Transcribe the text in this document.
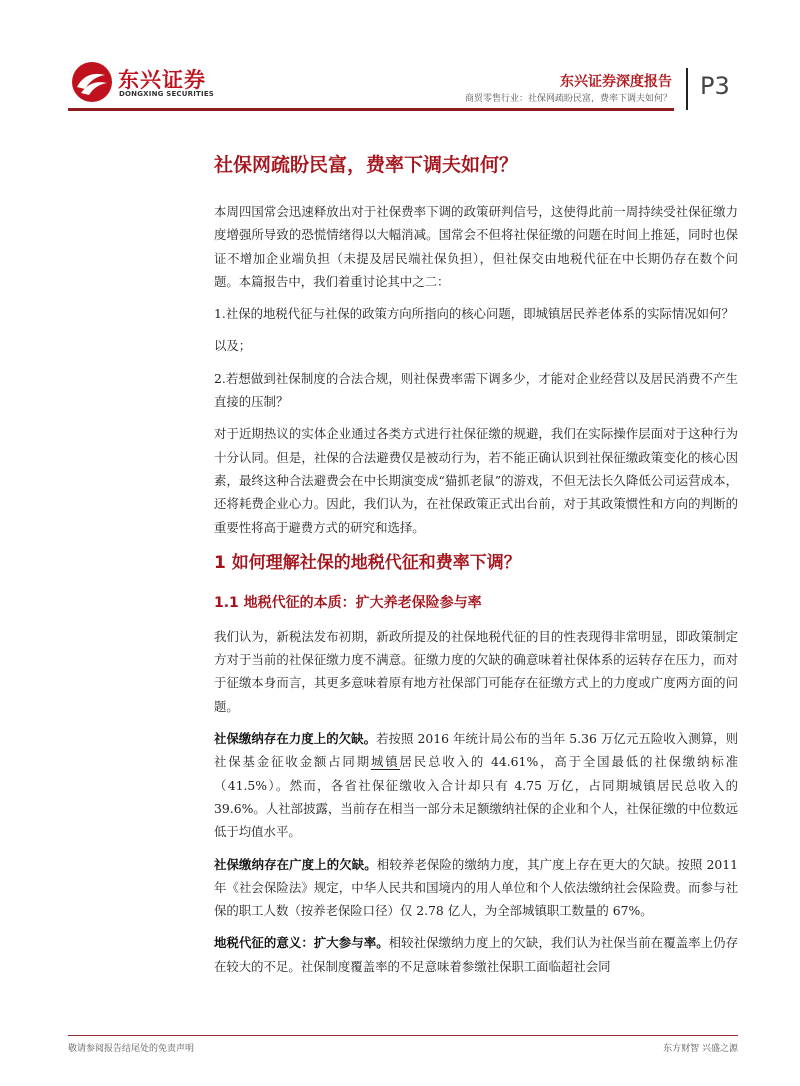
东兴证券
DONGXING SECURITIES
东兴证券深度报告
商贸零售行业：社保网疏盼民富，费率下调夫如何？ P3
社保网疏盼民富，费率下调夫如何？

本周四国常会迅速释放出对于社保费率下调的政策研判信号，这使得此前一周持续受社保征缴力度增强所导致的恐慌情绪得以大幅消减。国常会不但将社保征缴的问题在时间上推延，同时也保证不增加企业端负担（未提及居民端社保负担），但社保交由地税代征在中长期仍存在数个问题。本篇报告中，我们着重讨论其中之二：

1.社保的地税代征与社保的政策方向所指向的核心问题，即城镇居民养老体系的实际情况如何？

以及；

2.若想做到社保制度的合法合规，则社保费率需下调多少，才能对企业经营以及居民消费不产生直接的压制？

对于近期热议的实体企业通过各类方式进行社保征缴的规避，我们在实际操作层面对于这种行为十分认同。但是，社保的合法避费仅是被动行为，若不能正确认识到社保征缴政策变化的核心因素，最终这种合法避费会在中长期演变成“猫抓老鼠”的游戏，不但无法长久降低公司运营成本，还将耗费企业心力。因此，我们认为，在社保政策正式出台前，对于其政策惯性和方向的判断的重要性将高于避费方式的研究和选择。

1 如何理解社保的地税代征和费率下调？
1.1 地税代征的本质：扩大养老保险参与率

我们认为，新税法发布初期，新政所提及的社保地税代征的目的性表现得非常明显，即政策制定方对于当前的社保征缴力度不满意。征缴力度的欠缺的确意味着社保体系的运转存在压力，而对于征缴本身而言，其更多意味着原有地方社保部门可能存在征缴方式上的力度或广度两方面的问题。

社保缴纳存在力度上的欠缺。若按照 2016 年统计局公布的当年 5.36 万亿元五险收入测算，则社保基金征收金额占同期城镇居民总收入的 44.61%，高于全国最低的社保缴纳标准（41.5%）。然而，各省社保征缴收入合计却只有 4.75 万亿，占同期城镇居民总收入的 39.6%。人社部披露，当前存在相当一部分未足额缴纳社保的企业和个人，社保征缴的中位数远低于均值水平。

社保缴纳存在广度上的欠缺。相较养老保险的缴纳力度，其广度上存在更大的欠缺。按照 2011 年《社会保险法》规定，中华人民共和国境内的用人单位和个人依法缴纳社会保险费。而参与社保的职工人数（按养老保险口径）仅 2.78 亿人，为全部城镇职工数量的 67%。

地税代征的意义：扩大参与率。相较社保缴纳力度上的欠缺，我们认为社保当前在覆盖率上仍存在较大的不足。社保制度覆盖率的不足意味着参缴社保职工面临超社会同

敬请参阅报告结尾处的免责声明	东方财智 兴盛之源
